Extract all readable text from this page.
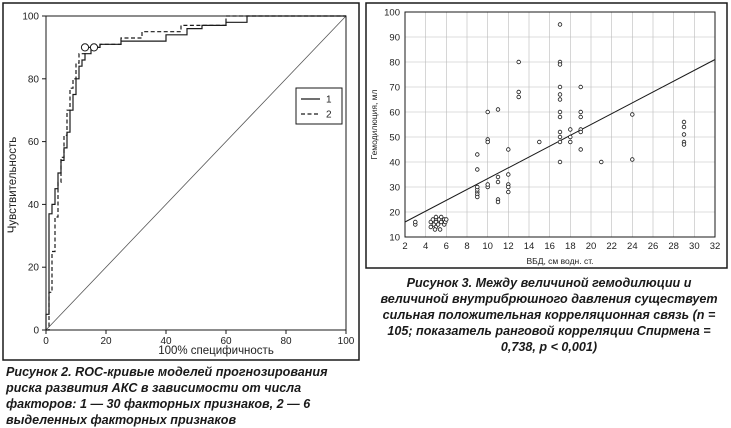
0	20	40	60	80	100
0
20
40
60
80
100
100% специфичность
Чувствительность
1
2

Рисунок 2. ROC-кривые моделей прогнозирования риска развития АКС в зависимости от числа факторов: 1 — 30 факторных признаков, 2 — 6 выделенных факторных признаков

2 4 6 8 10 12 14 16 18 20 22 24 26 28 30 32
10
20
30
40
50
60
70
80
90
100
ВБД, см водн. ст.
Гемодилюция, мл

Рисунок 3. Между величиной гемодилюции и величиной внутрибрюшного давления существует сильная положительная корреляционная связь (n = 105; показатель ранговой корреляции Спирмена = 0,738, p < 0,001)
